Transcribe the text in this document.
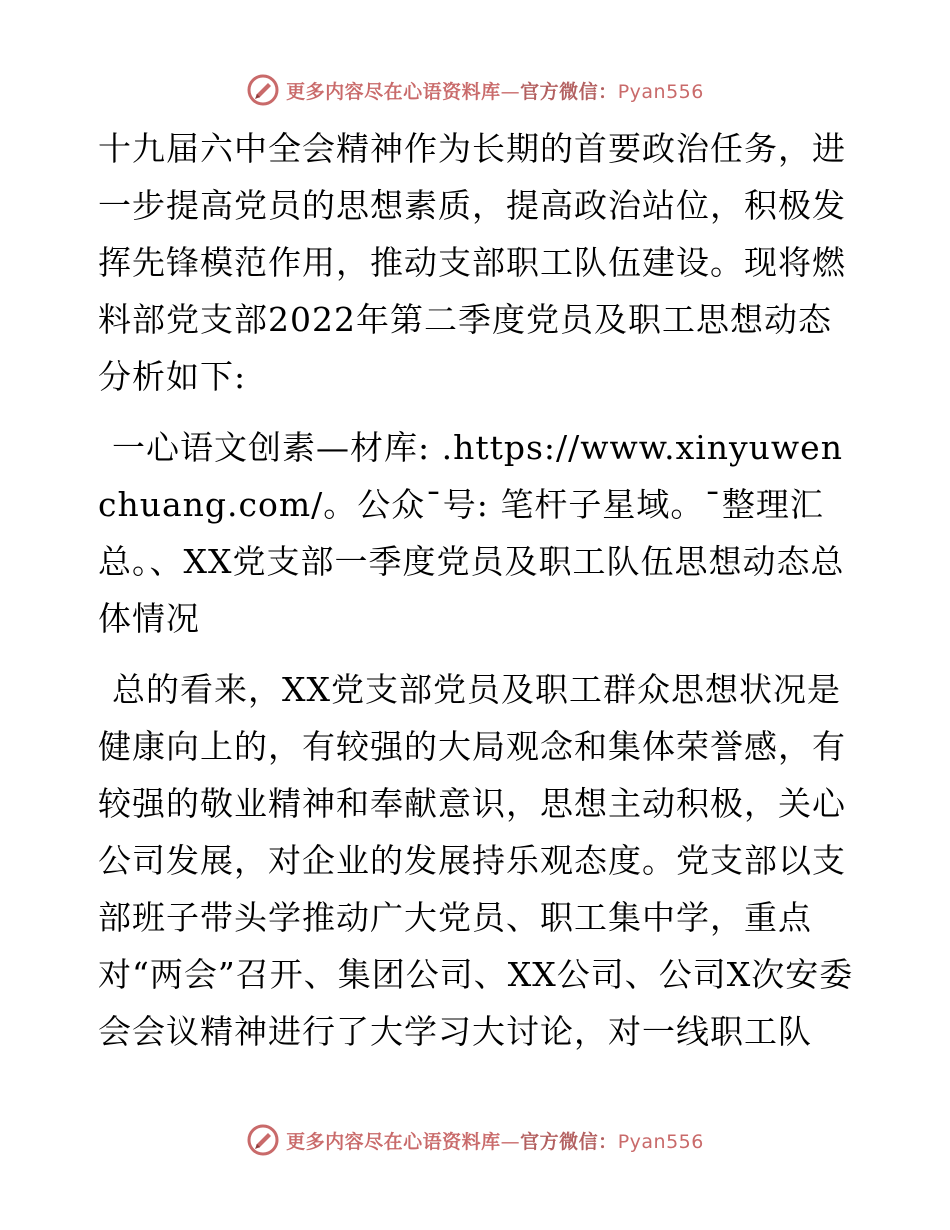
更多内容尽在心语资料库—官方微信：Pyan556

十九届六中全会精神作为长期的首要政治任务，进一步提高党员的思想素质，提高政治站位，积极发挥先锋模范作用，推动支部职工队伍建设。现将燃料部党支部2022年第二季度党员及职工思想动态分析如下:

一心语文创素—材库: .https://www.xinyuwenchuang.com/。公众¯号: 笔杆子星域。¯整理汇总。、XX党支部一季度党员及职工队伍思想动态总体情况

总的看来，XX党支部党员及职工群众思想状况是健康向上的，有较强的大局观念和集体荣誉感，有较强的敬业精神和奉献意识，思想主动积极，关心公司发展，对企业的发展持乐观态度。党支部以支部班子带头学推动广大党员、职工集中学，重点对“两会”召开、集团公司、XX公司、公司X次安委会会议精神进行了大学习大讨论，对一线职工队

更多内容尽在心语资料库—官方微信：Pyan556
